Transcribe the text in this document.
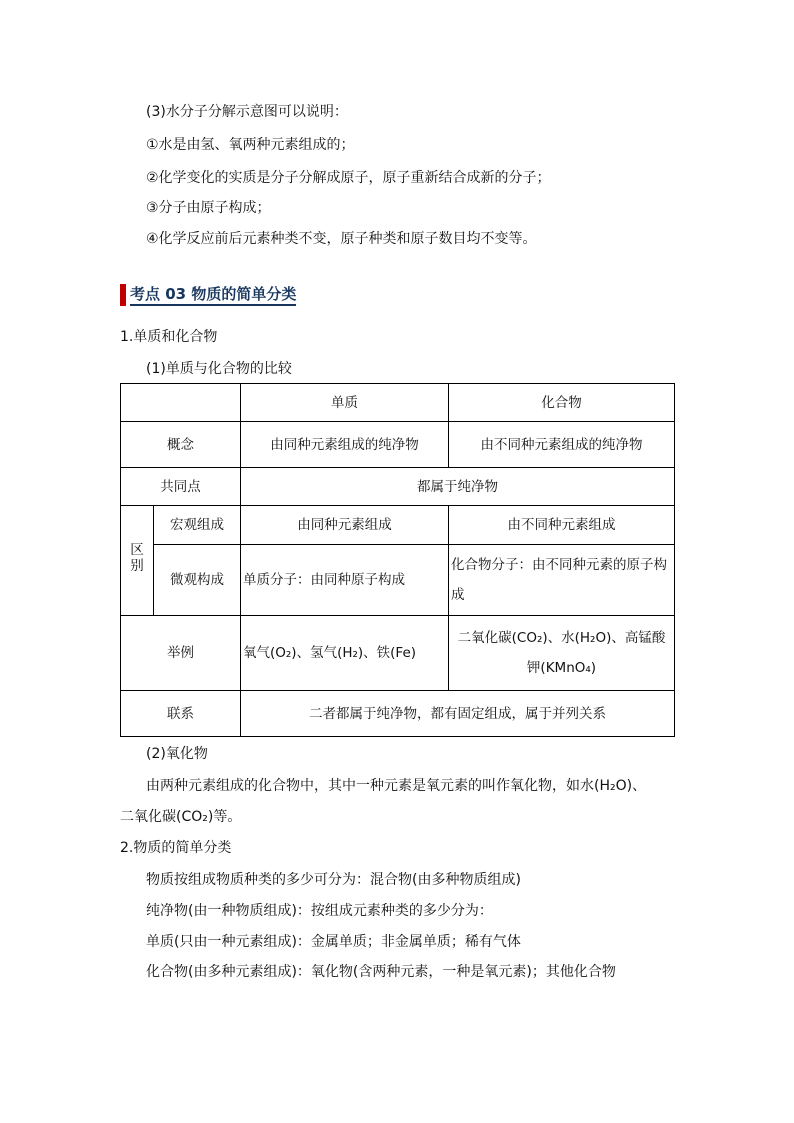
(3)水分子分解示意图可以说明：
①水是由氢、氧两种元素组成的；
②化学变化的实质是分子分解成原子，原子重新结合成新的分子；
③分子由原子构成；
④化学反应前后元素种类不变，原子种类和原子数目均不变等。
考点 03 物质的简单分类
1.单质和化合物
(1)单质与化合物的比较
		单质	化合物
概念		由同种元素组成的纯净物	由不同种元素组成的纯净物
共同点		都属于纯净物	
区别	宏观组成	由同种元素组成	由不同种元素组成
	微观构成	单质分子：由同种原子构成	化合物分子：由不同种元素的原子构成
举例		氧气(O₂)、氢气(H₂)、铁(Fe)	二氧化碳(CO₂)、水(H₂O)、高锰酸钾(KMnO₄)
联系		二者都属于纯净物，都有固定组成，属于并列关系	
(2)氧化物
由两种元素组成的化合物中，其中一种元素是氧元素的叫作氧化物，如水(H₂O)、
二氧化碳(CO₂)等。
2.物质的简单分类
物质按组成物质种类的多少可分为：混合物(由多种物质组成)
纯净物(由一种物质组成)：按组成元素种类的多少分为：
单质(只由一种元素组成)：金属单质；非金属单质；稀有气体
化合物(由多种元素组成)：氧化物(含两种元素，一种是氧元素)；其他化合物
